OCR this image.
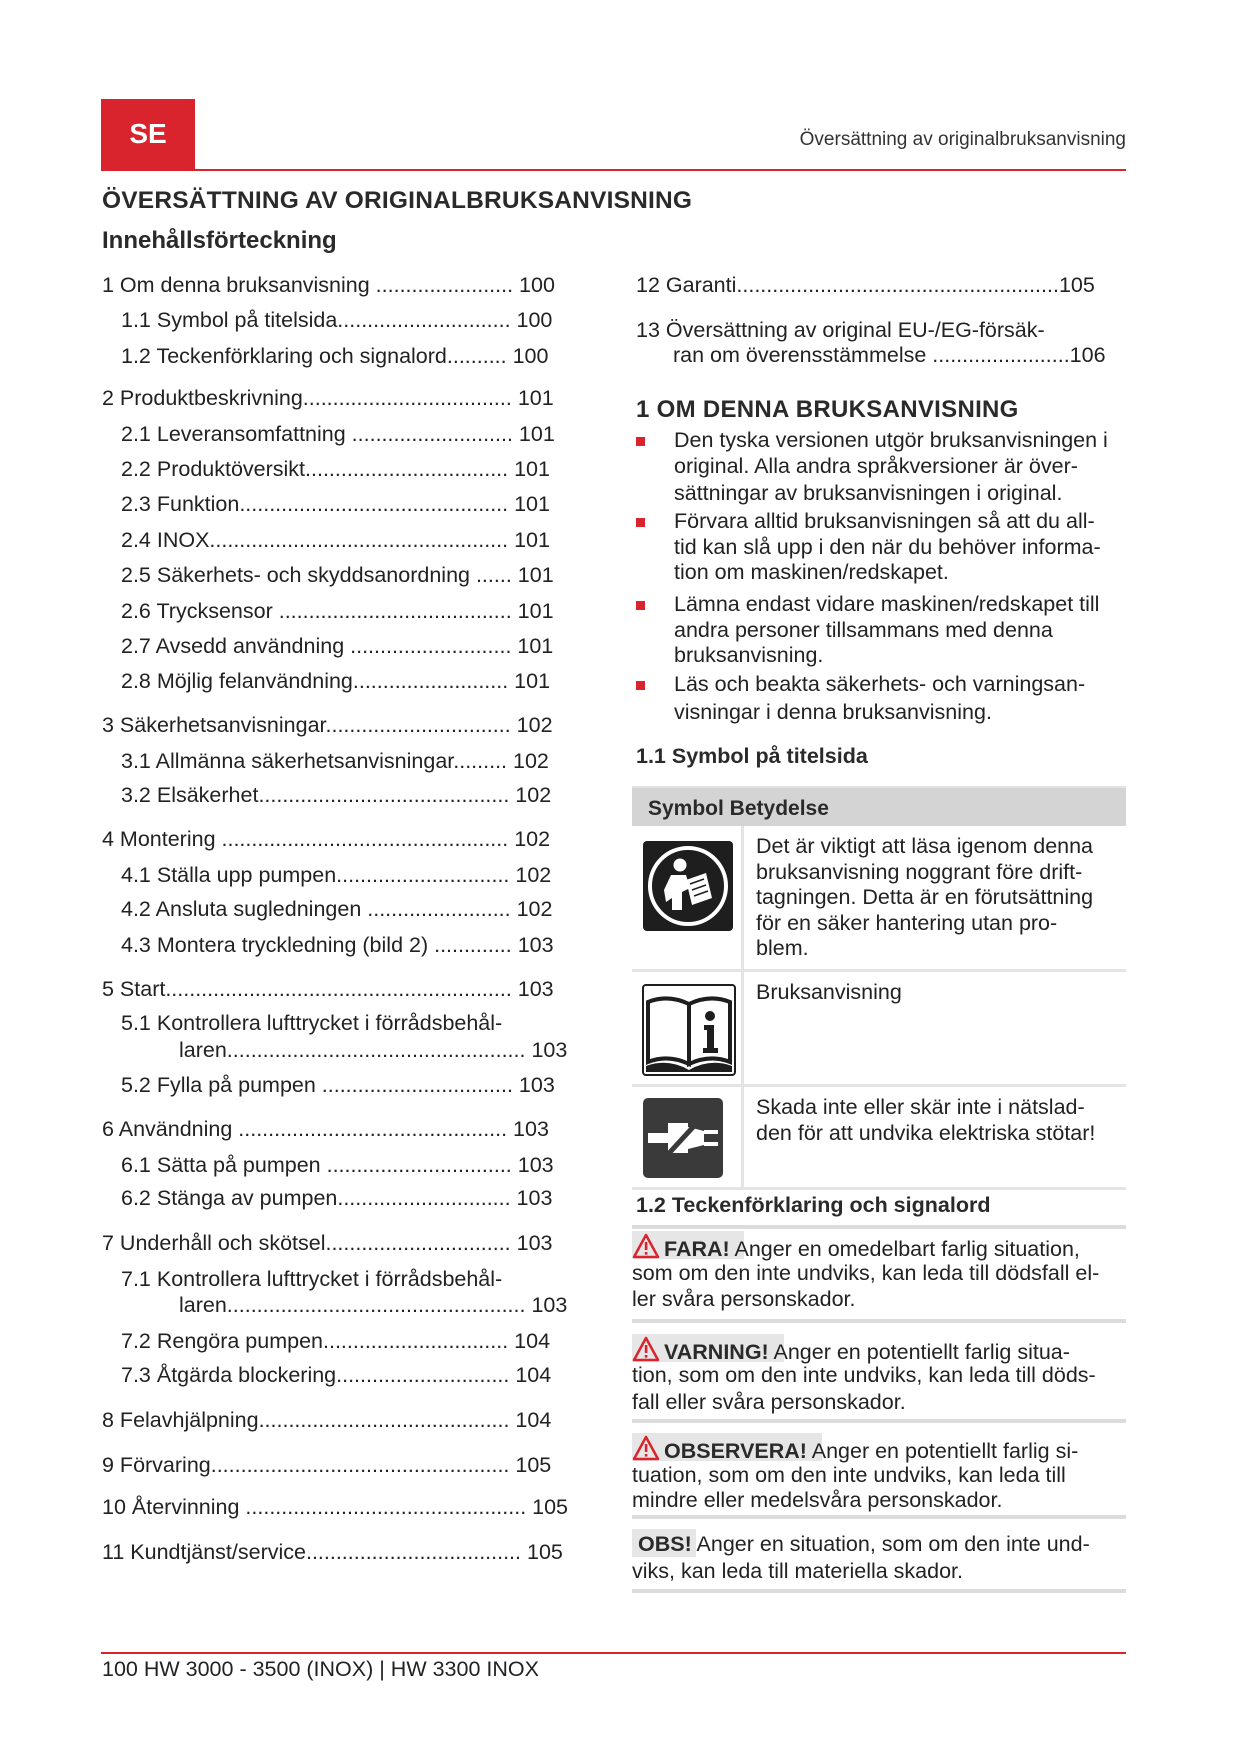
SE	Översättning av originalbruksanvisning
ÖVERSÄTTNING AV ORIGINALBRUKSANVISNING
Innehållsförteckning
1 Om denna bruksanvisning ....................... 100
1.1 Symbol på titelsida............................. 100
1.2 Teckenförklaring och signalord.......... 100
2 Produktbeskrivning................................... 101
2.1 Leveransomfattning ........................... 101
2.2 Produktöversikt.................................. 101
2.3 Funktion............................................. 101
2.4 INOX.................................................. 101
2.5 Säkerhets- och skyddsanordning ...... 101
2.6 Trycksensor ....................................... 101
2.7 Avsedd användning ........................... 101
2.8 Möjlig felanvändning.......................... 101
3 Säkerhetsanvisningar............................... 102
3.1 Allmänna säkerhetsanvisningar......... 102
3.2 Elsäkerhet.......................................... 102
4 Montering ................................................ 102
4.1 Ställa upp pumpen............................. 102
4.2 Ansluta sugledningen ........................ 102
4.3 Montera tryckledning (bild 2) ............. 103
5 Start.......................................................... 103
5.1 Kontrollera lufttrycket i förrådsbehål-
laren.................................................. 103
5.2 Fylla på pumpen ................................ 103
6 Användning ............................................. 103
6.1 Sätta på pumpen ............................... 103
6.2 Stänga av pumpen............................. 103
7 Underhåll och skötsel............................... 103
7.1 Kontrollera lufttrycket i förrådsbehål-
laren.................................................. 103
7.2 Rengöra pumpen............................... 104
7.3 Åtgärda blockering............................. 104
8 Felavhjälpning.......................................... 104
9 Förvaring.................................................. 105
10 Återvinning ............................................... 105
11 Kundtjänst/service.................................... 105
12 Garanti......................................................105
13 Översättning av original EU-/EG-försäk-
ran om överensstämmelse .......................106
1 OM DENNA BRUKSANVISNING
Den tyska versionen utgör bruksanvisningen i
original. Alla andra språkversioner är över-
sättningar av bruksanvisningen i original.
Förvara alltid bruksanvisningen så att du all-
tid kan slå upp i den när du behöver informa-
tion om maskinen/redskapet.
Lämna endast vidare maskinen/redskapet till
andra personer tillsammans med denna
bruksanvisning.
Läs och beakta säkerhets- och varningsan-
visningar i denna bruksanvisning.
1.1 Symbol på titelsida
Symbol Betydelse
Det är viktigt att läsa igenom denna
bruksanvisning noggrant före drift-
tagningen. Detta är en förutsättning
för en säker hantering utan pro-
blem.
Bruksanvisning
Skada inte eller skär inte i nätslad-
den för att undvika elektriska stötar!
1.2 Teckenförklaring och signalord
FARA! Anger en omedelbart farlig situation,
som om den inte undviks, kan leda till dödsfall el-
ler svåra personskador.
VARNING! Anger en potentiellt farlig situa-
tion, som om den inte undviks, kan leda till döds-
fall eller svåra personskador.
OBSERVERA! Anger en potentiellt farlig si-
tuation, som om den inte undviks, kan leda till
mindre eller medelsvåra personskador.
OBS! Anger en situation, som om den inte und-
viks, kan leda till materiella skador.
100 HW 3000 - 3500 (INOX) | HW 3300 INOX
